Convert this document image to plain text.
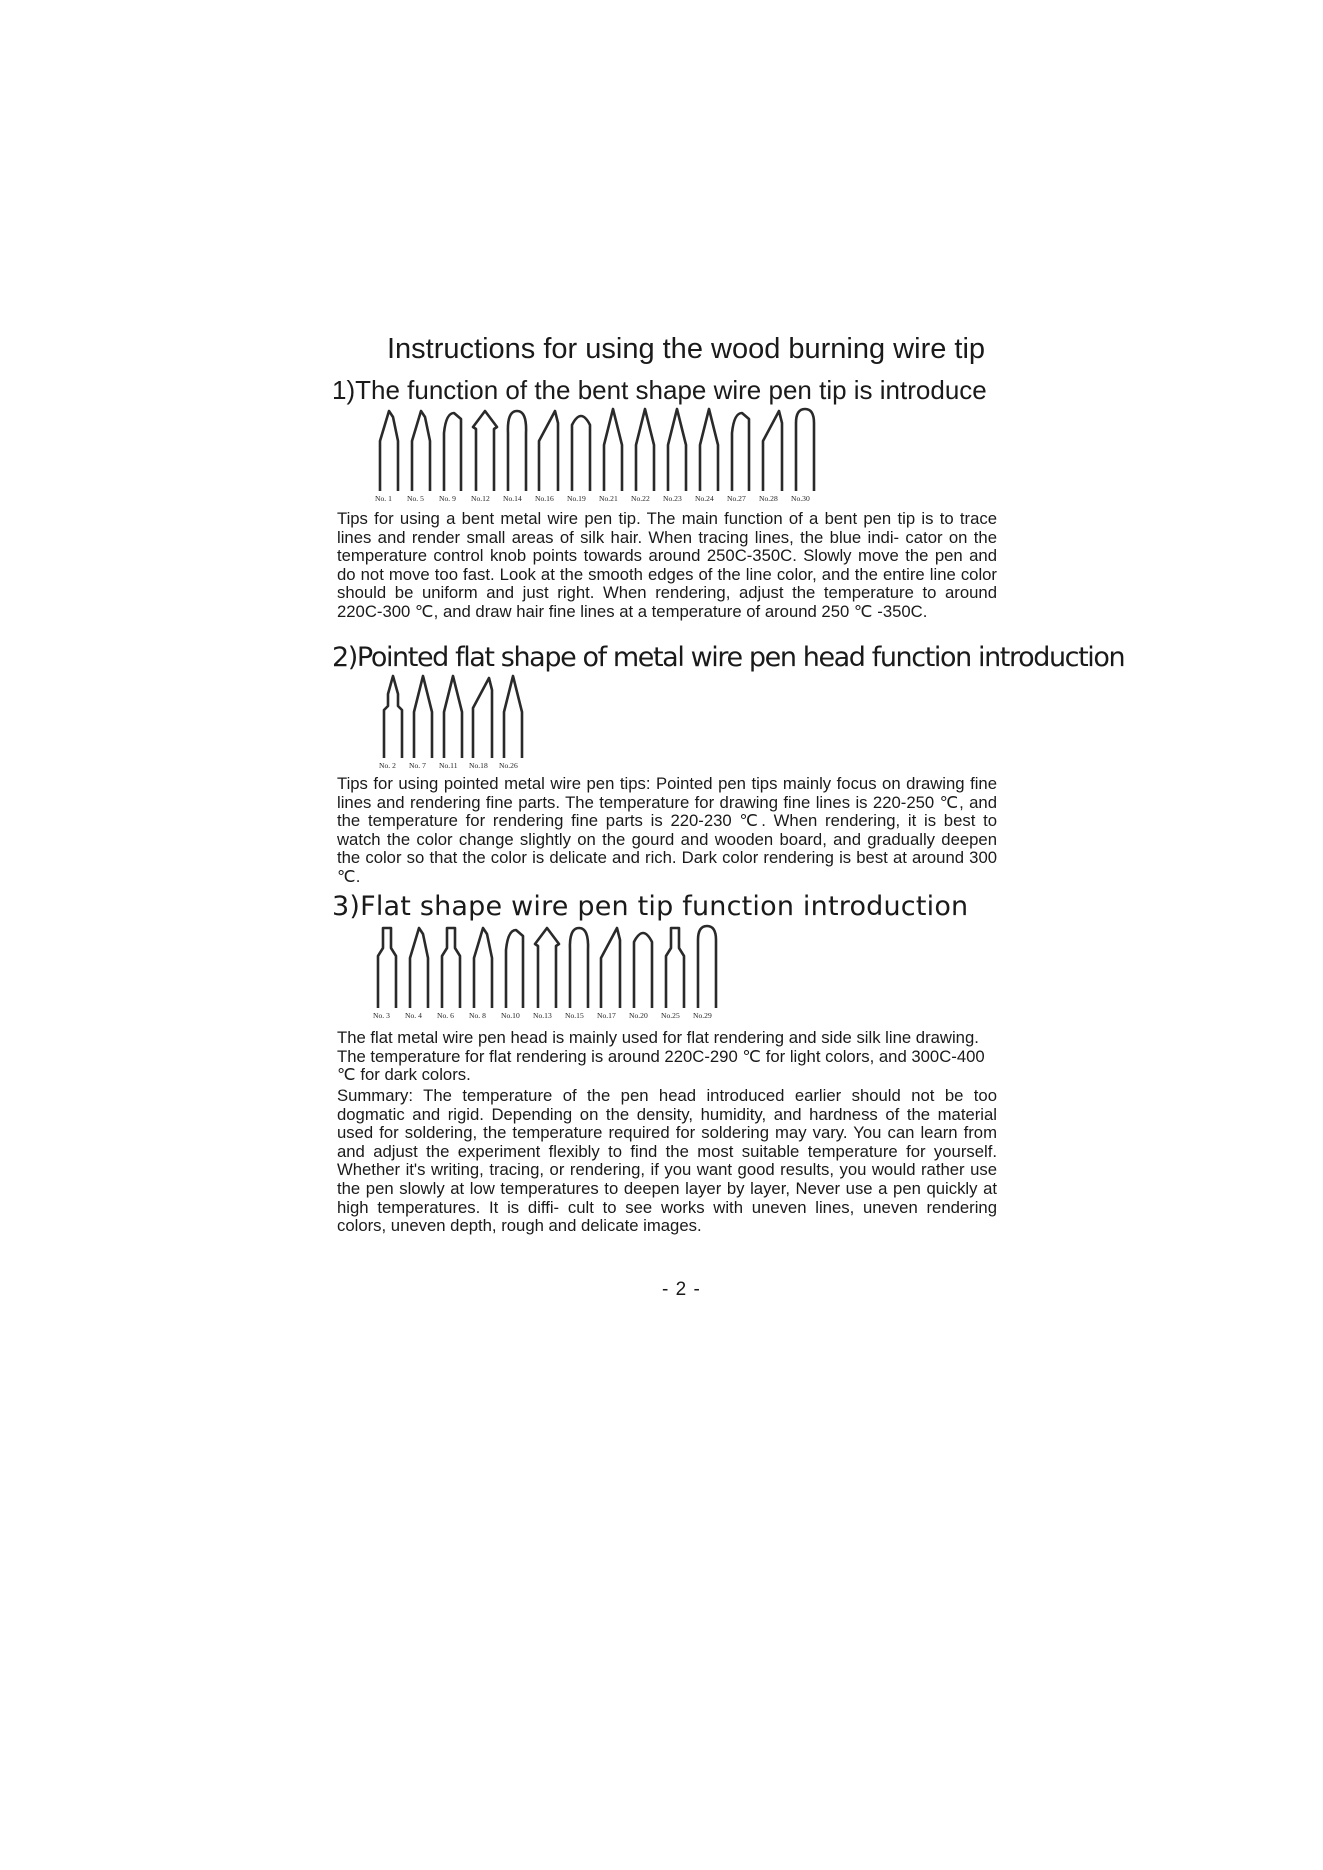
Instructions for using the wood burning wire tip
1)The function of the bent shape wire pen tip is introduce
No. 1 No. 5 No. 9 No.12 No.14 No.16 No.19 No.21 No.22 No.23 No.24 No.27 No.28 No.30

Tips for using a bent metal wire pen tip. The main function of a bent pen tip is to trace lines and render small areas of silk hair. When tracing lines, the blue indi- cator on the temperature control knob points towards around 250C-350C. Slowly move the pen and do not move too fast. Look at the smooth edges of the line color, and the entire line color should be uniform and just right. When rendering, adjust the temperature to around 220C-300 ℃, and draw hair fine lines at a temperature of around 250 ℃ -350C.

2)Pointed flat shape of metal wire pen head function introduction
No. 2 No. 7 No.11 No.18 No.26

Tips for using pointed metal wire pen tips: Pointed pen tips mainly focus on drawing fine lines and rendering fine parts. The temperature for drawing fine lines is 220-250 ℃, and the temperature for rendering fine parts is 220-230 ℃. When rendering, it is best to watch the color change slightly on the gourd and wooden board, and gradually deepen the color so that the color is delicate and rich. Dark color rendering is best at around 300 ℃.

3)Flat shape wire pen tip function introduction
No. 3 No. 4 No. 6 No. 8 No.10 No.13 No.15 No.17 No.20 No.25 No.29

The flat metal wire pen head is mainly used for flat rendering and side silk line drawing. The temperature for flat rendering is around 220C-290 ℃ for light colors, and 300C-400 ℃ for dark colors.

Summary: The temperature of the pen head introduced earlier should not be too dogmatic and rigid. Depending on the density, humidity, and hardness of the material used for soldering, the temperature required for soldering may vary. You can learn from and adjust the experiment flexibly to find the most suitable temperature for yourself. Whether it's writing, tracing, or rendering, if you want good results, you would rather use the pen slowly at low temperatures to deepen layer by layer, Never use a pen quickly at high temperatures. It is diffi- cult to see works with uneven lines, uneven rendering colors, uneven depth, rough and delicate images.

- 2 -
